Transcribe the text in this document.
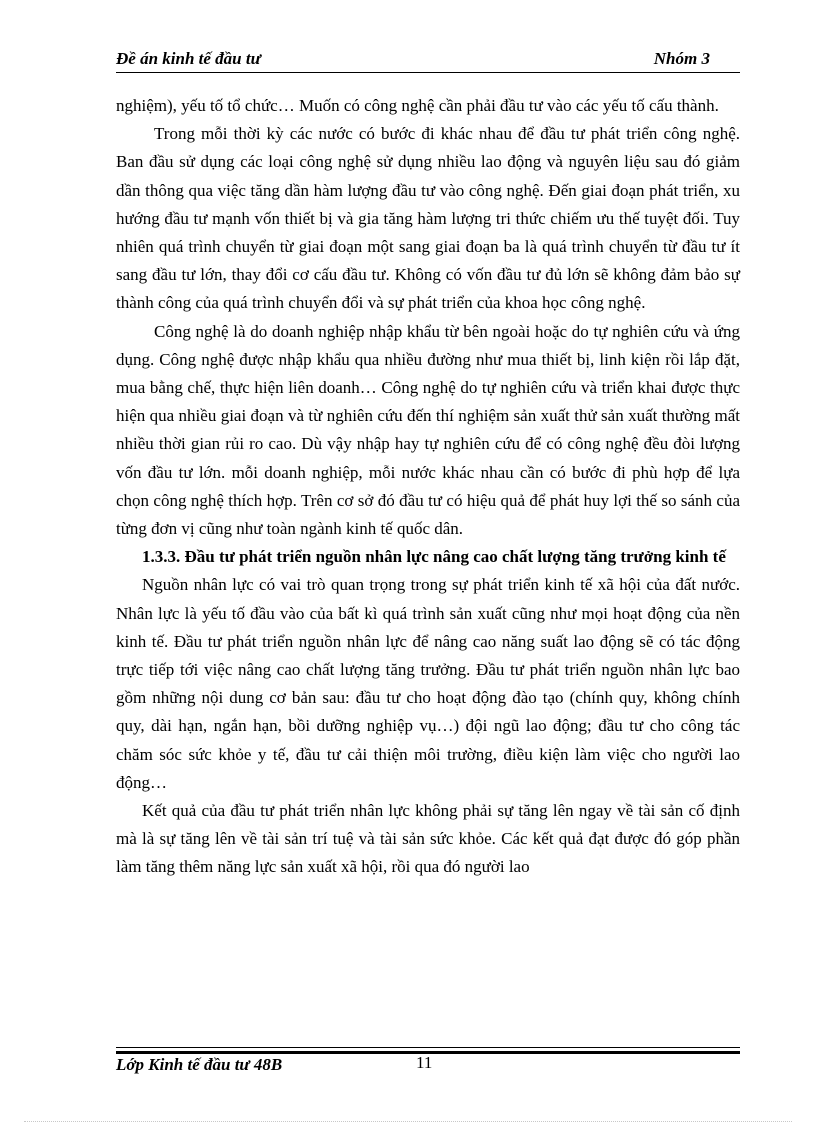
Đề án kinh tế đầu tư	Nhóm 3

nghiệm), yếu tố tổ chức… Muốn có công nghệ cần phải đầu tư vào các yếu tố cấu thành.

Trong mỗi thời kỳ các nước có bước đi khác nhau để đầu tư phát triển công nghệ. Ban đầu sử dụng các loại công nghệ sử dụng nhiều lao động và nguyên liệu sau đó giảm dần thông qua việc tăng dần hàm lượng đầu tư vào công nghệ. Đến giai đoạn phát triển, xu hướng đầu tư mạnh vốn thiết bị và gia tăng hàm lượng tri thức chiếm ưu thế tuyệt đối. Tuy nhiên quá trình chuyển từ giai đoạn một sang giai đoạn ba là quá trình chuyển từ đầu tư ít sang đầu tư lớn, thay đổi cơ cấu đầu tư. Không có vốn đầu tư đủ lớn sẽ không đảm bảo sự thành công của quá trình chuyển đổi và sự phát triển của khoa học công nghệ.

Công nghệ là do doanh nghiệp nhập khẩu từ bên ngoài hoặc do tự nghiên cứu và ứng dụng. Công nghệ được nhập khẩu qua nhiều đường như mua thiết bị, linh kiện rồi lắp đặt, mua bằng chế, thực hiện liên doanh… Công nghệ do tự nghiên cứu và triển khai được thực hiện qua nhiều giai đoạn và từ nghiên cứu đến thí nghiệm sản xuất thử sản xuất thường mất nhiều thời gian rủi ro cao. Dù vậy nhập hay tự nghiên cứu để có công nghệ đều đòi lượng vốn đầu tư lớn. mỗi doanh nghiệp, mỗi nước khác nhau cần có bước đi phù hợp để lựa chọn công nghệ thích hợp. Trên cơ sở đó đầu tư có hiệu quả để phát huy lợi thế so sánh của từng đơn vị cũng như toàn ngành kinh tế quốc dân.

1.3.3. Đầu tư phát triển nguồn nhân lực nâng cao chất lượng tăng trưởng kinh tế

Nguồn nhân lực có vai trò quan trọng trong sự phát triển kinh tế xã hội của đất nước. Nhân lực là yếu tố đầu vào của bất kì quá trình sản xuất cũng như mọi hoạt động của nền kinh tế. Đầu tư phát triển nguồn nhân lực để nâng cao năng suất lao động sẽ có tác động trực tiếp tới việc nâng cao chất lượng tăng trưởng. Đầu tư phát triển nguồn nhân lực bao gồm những nội dung cơ bản sau: đầu tư cho hoạt động đào tạo (chính quy, không chính quy, dài hạn, ngắn hạn, bồi dưỡng nghiệp vụ…) đội ngũ lao động; đầu tư cho công tác chăm sóc sức khỏe y tế, đầu tư cải thiện môi trường, điều kiện làm việc cho người lao động…

Kết quả của đầu tư phát triển nhân lực không phải sự tăng lên ngay về tài sản cố định mà là sự tăng lên về tài sản trí tuệ và tài sản sức khỏe. Các kết quả đạt được đó góp phần làm tăng thêm năng lực sản xuất xã hội, rồi qua đó người lao

Lớp Kinh tế đầu tư 48B	11
